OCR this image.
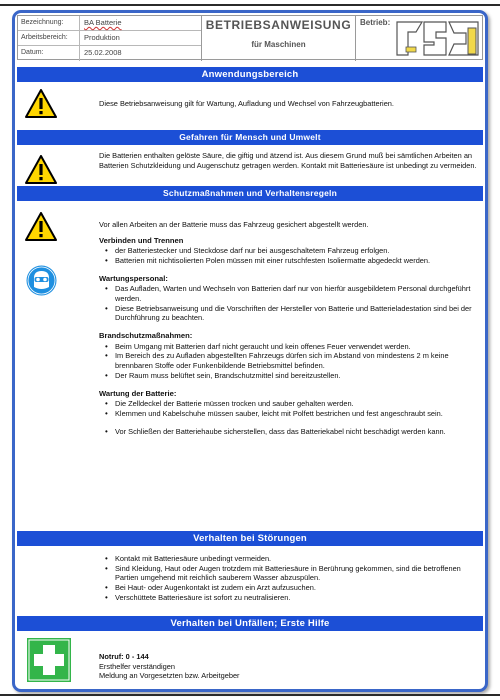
Bezeichnung:	BA Batterie
Arbeitsbereich:	Produktion
Datum:	25.02.2008
BETRIEBSANWEISUNG
für Maschinen
Betrieb:
Anwendungsbereich
Diese Betriebsanweisung gilt für Wartung, Aufladung und Wechsel von Fahrzeugbatterien.
Gefahren für Mensch und Umwelt
Die Batterien enthalten gelöste Säure, die giftig und ätzend ist. Aus diesem Grund muß bei sämtlichen Arbeiten an Batterien Schutzkleidung und Augenschutz getragen werden. Kontakt mit Batteriesäure ist unbedingt zu vermeiden.
Schutzmaßnahmen und Verhaltensregeln
Vor allen Arbeiten an der Batterie muss das Fahrzeug gesichert abgestellt werden.
Verbinden und Trennen
• der Batteriestecker und Steckdose darf nur bei ausgeschaltetem Fahrzeug erfolgen.
• Batterien mit nichtisolierten Polen müssen mit einer rutschfesten Isoliermatte abgedeckt werden.
Wartungspersonal:
• Das Aufladen, Warten und Wechseln von Batterien darf nur von hierfür ausgebildetem Personal durchgeführt werden.
• Diese Betriebsanweisung und die Vorschriften der Hersteller von Batterie und Batterieladestation sind bei der Durchführung zu beachten.
Brandschutzmaßnahmen:
• Beim Umgang mit Batterien darf nicht geraucht und kein offenes Feuer verwendet werden.
• Im Bereich des zu Aufladen abgestellten Fahrzeugs dürfen sich im Abstand von mindestens 2 m keine brennbaren Stoffe oder Funkenbildende Betriebsmittel befinden.
• Der Raum muss belüftet sein, Brandschutzmittel sind bereitzustellen.
Wartung der Batterie:
• Die Zelldeckel der Batterie müssen trocken und sauber gehalten werden.
• Klemmen und Kabelschuhe müssen sauber, leicht mit Polfett bestrichen und fest angeschraubt sein.
• Vor Schließen der Batteriehaube sicherstellen, dass das Batteriekabel nicht beschädigt werden kann.
Verhalten bei Störungen
• Kontakt mit Batteriesäure unbedingt vermeiden.
• Sind Kleidung, Haut oder Augen trotzdem mit Batteriesäure in Berührung gekommen, sind die betroffenen Partien umgehend mit reichlich sauberem Wasser abzuspülen.
• Bei Haut- oder Augenkontakt ist zudem ein Arzt aufzusuchen.
• Verschüttete Batteriesäure ist sofort zu neutralisieren.
Verhalten bei Unfällen; Erste Hilfe
Notruf: 0 - 144
Ersthelfer verständigen
Meldung an Vorgesetzten bzw. Arbeitgeber
